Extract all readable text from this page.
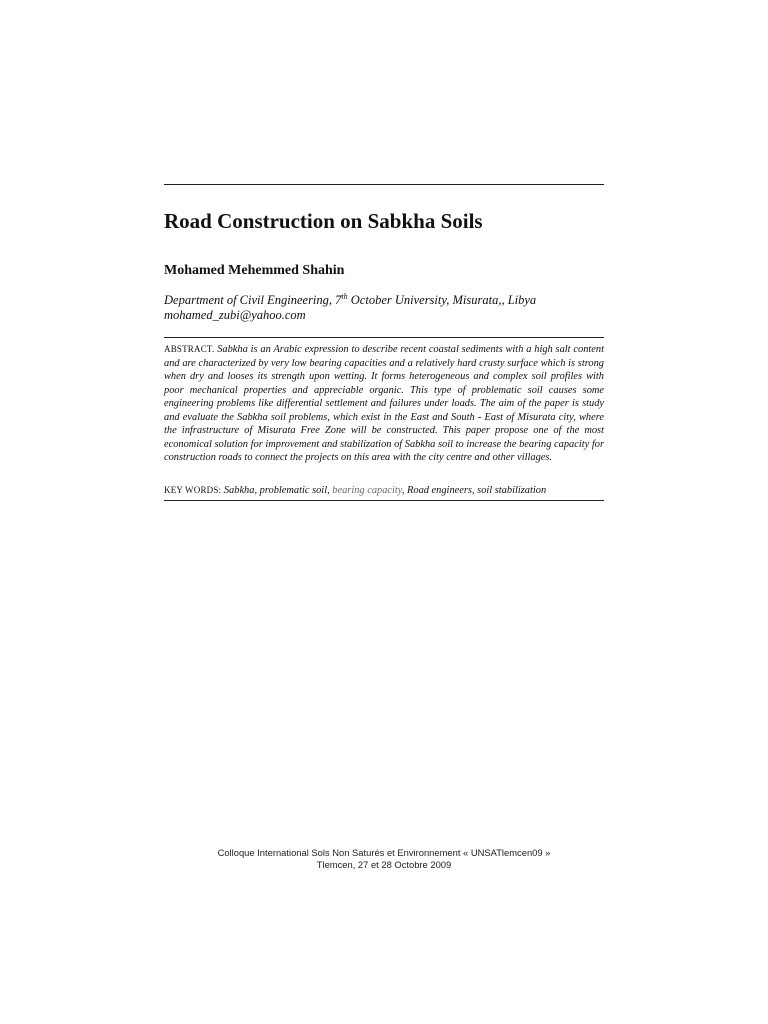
Road Construction on Sabkha Soils

Mohamed Mehemmed Shahin

Department of Civil Engineering, 7th October University, Misurata,, Libya
mohamed_zubi@yahoo.com

ABSTRACT. Sabkha is an Arabic expression to describe recent coastal sediments with a high salt content and are characterized by very low bearing capacities and a relatively hard crusty surface which is strong when dry and looses its strength upon wetting. It forms heterogeneous and complex soil profiles with poor mechanical properties and appreciable organic. This type of problematic soil causes some engineering problems like differential settlement and failures under loads. The aim of the paper is study and evaluate the Sabkha soil problems, which exist in the East and South - East of Misurata city, where the infrastructure of Misurata Free Zone will be constructed. This paper propose one of the most economical solution for improvement and stabilization of Sabkha soil to increase the bearing capacity for construction roads to connect the projects on this area with the city centre and other villages.

KEY WORDS: Sabkha, problematic soil, bearing capacity, Road engineers, soil stabilization

Colloque International Sols Non Saturés et Environnement « UNSATlemcen09 »
Tlemcen, 27 et 28 Octobre 2009
